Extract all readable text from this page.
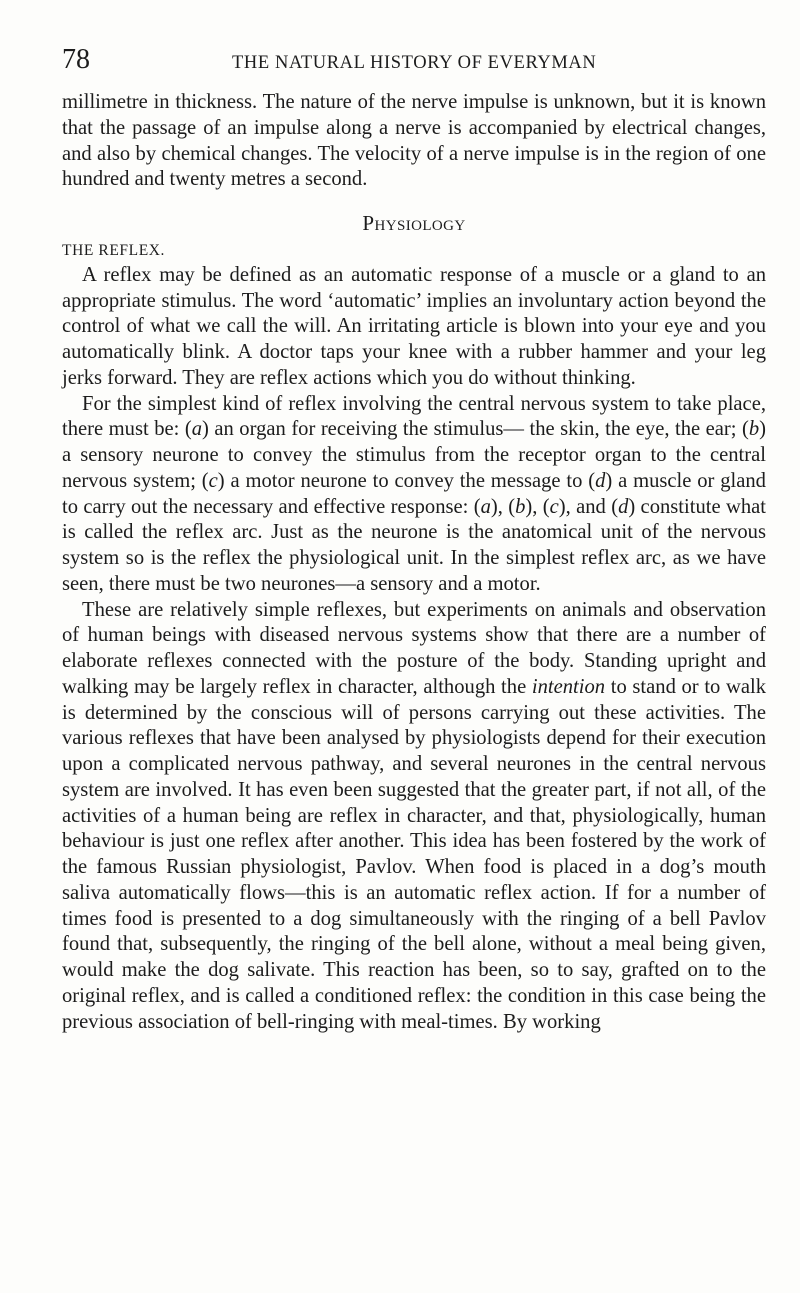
78	THE NATURAL HISTORY OF EVERYMAN

millimetre in thickness. The nature of the nerve impulse is unknown, but it is known that the passage of an impulse along a nerve is accompanied by electrical changes, and also by chemical changes. The velocity of a nerve impulse is in the region of one hundred and twenty metres a second.

Physiology
THE REFLEX.

A reflex may be defined as an automatic response of a muscle or a gland to an appropriate stimulus. The word ‘automatic’ implies an involuntary action beyond the control of what we call the will. An irritating article is blown into your eye and you automatically blink. A doctor taps your knee with a rubber hammer and your leg jerks forward. They are reflex actions which you do without thinking.

For the simplest kind of reflex involving the central nervous system to take place, there must be: (a) an organ for receiving the stimulus— the skin, the eye, the ear; (b) a sensory neurone to convey the stimulus from the receptor organ to the central nervous system; (c) a motor neurone to convey the message to (d) a muscle or gland to carry out the necessary and effective response: (a), (b), (c), and (d) constitute what is called the reflex arc. Just as the neurone is the anatomical unit of the nervous system so is the reflex the physiological unit. In the simplest reflex arc, as we have seen, there must be two neurones—a sensory and a motor.

These are relatively simple reflexes, but experiments on animals and observation of human beings with diseased nervous systems show that there are a number of elaborate reflexes connected with the posture of the body. Standing upright and walking may be largely reflex in character, although the intention to stand or to walk is determined by the conscious will of persons carrying out these activities. The various reflexes that have been analysed by physiologists depend for their execution upon a complicated nervous pathway, and several neurones in the central nervous system are involved. It has even been suggested that the greater part, if not all, of the activities of a human being are reflex in character, and that, physiologically, human behaviour is just one reflex after another. This idea has been fostered by the work of the famous Russian physiologist, Pavlov. When food is placed in a dog’s mouth saliva automatically flows—this is an automatic reflex action. If for a number of times food is presented to a dog simultaneously with the ringing of a bell Pavlov found that, subsequently, the ringing of the bell alone, without a meal being given, would make the dog salivate. This reaction has been, so to say, grafted on to the original reflex, and is called a conditioned reflex: the condition in this case being the previous association of bell-ringing with meal-times. By working
